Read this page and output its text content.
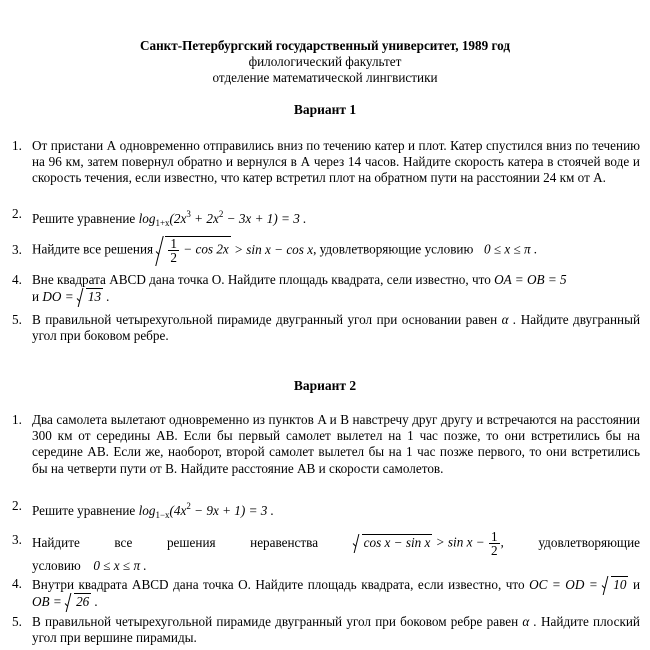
Санкт-Петербургский государственный университет, 1989 год
филологический факультет
отделение математической лингвистики
Вариант 1
1. От пристани А одновременно отправились вниз по течению катер и плот. Катер спустился вниз по течению на 96 км, затем повернул обратно и вернулся в А через 14 часов. Найдите скорость катера в стоячей воде и скорость течения, если известно, что катер встретил плот на обратном пути на расстоянии 24 км от А.
2. Решите уравнение $\log_{1+x}(2x^3 + 2x^2 - 3x + 1) = 3$ .
3. Найдите все решения $\frac{1}{2} - \cos 2x > \sin x - \cos x$, удовлетворяющие условию 0 ≤ x ≤ π .
4. Вне квадрата ABCD дана точка O. Найдите площадь квадрата, сели известно, что OA = OB = 5
и DO =
13 .
5. В правильной четырехугольной пирамиде двугранный угол при основании равен α . Найдите двугранный угол при боковом ребре.
Вариант 2
1. Два самолета вылетают одновременно из пунктов A и B навстречу друг другу и встречаются на расстоянии 300 км от середины AB. Если бы первый самолет вылетел на 1 час позже, то они встретились бы на середине AB. Если же, наоборот, второй самолет вылетел бы на 1 час позже первого, то они встретились бы на четверти пути от B. Найдите расстояние AB и скорости самолетов.
2. Решите уравнение $\log_{1-x}(4x^2 - 9x + 1) = 3$ .
3. Найдите	все	решения	неравенства	$\cos x - \sin x > \sin x - \frac{1}{2}$ ,	удовлетворяющие
условию 0 ≤ x ≤ π .
4. Внутри квадрата ABCD дана точка O. Найдите площадь квадрата, если известно, что OC = OD =
10 и OB =
26 .
5. В правильной четырехугольной пирамиде двугранный угол при боковом ребре равен α . Найдите плоский угол при вершине пирамиды.
